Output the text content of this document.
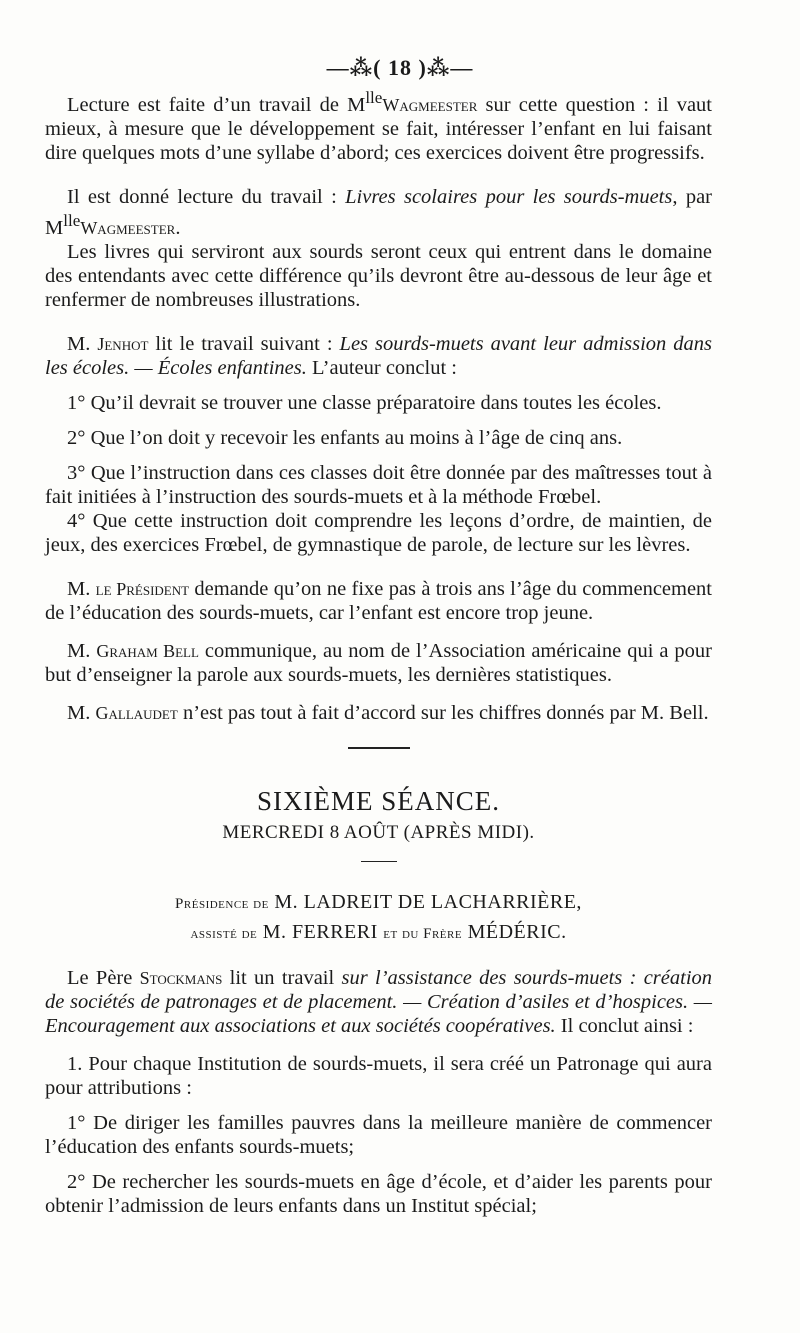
—⁂( 18 )⁂—

Lecture est faite d’un travail de $M^{lle}Wagmeester$ sur cette question : il vaut mieux, à mesure que le développement se fait, intéresser l’enfant en lui faisant dire quelques mots d’une syllabe d’abord; ces exercices doivent être progressifs.

Il est donné lecture du travail : Livres scolaires pour les sourds-muets, par $M^{lle}Wagmeester$.

Les livres qui serviront aux sourds seront ceux qui entrent dans le domaine des entendants avec cette différence qu’ils devront être au-dessous de leur âge et renfermer de nombreuses illustrations.

M. Jenhot lit le travail suivant : Les sourds-muets avant leur admission dans les écoles. — Écoles enfantines. L’auteur conclut :

1° Qu’il devrait se trouver une classe préparatoire dans toutes les écoles.

2° Que l’on doit y recevoir les enfants au moins à l’âge de cinq ans.

3° Que l’instruction dans ces classes doit être donnée par des maîtresses tout à fait initiées à l’instruction des sourds-muets et à la méthode Frœbel.

4° Que cette instruction doit comprendre les leçons d’ordre, de maintien, de jeux, des exercices Frœbel, de gymnastique de parole, de lecture sur les lèvres.

M. le Président demande qu’on ne fixe pas à trois ans l’âge du commencement de l’éducation des sourds-muets, car l’enfant est encore trop jeune.

M. Graham Bell communique, au nom de l’Association américaine qui a pour but d’enseigner la parole aux sourds-muets, les dernières statistiques.

M. Gallaudet n’est pas tout à fait d’accord sur les chiffres donnés par M. Bell.

SIXIÈME SÉANCE.

MERCREDI 8 AOÛT (APRÈS MIDI).

Présidence de M. LADREIT DE LACHARRIÈRE,

assisté de M. FERRERI et du Frère MÉDÉRIC.

Le Père Stockmans lit un travail sur l’assistance des sourds-muets : création de sociétés de patronages et de placement. — Création d’asiles et d’hospices. — Encouragement aux associations et aux sociétés coopératives. Il conclut ainsi :

1. Pour chaque Institution de sourds-muets, il sera créé un Patronage qui aura pour attributions :

1° De diriger les familles pauvres dans la meilleure manière de commencer l’éducation des enfants sourds-muets;

2° De rechercher les sourds-muets en âge d’école, et d’aider les parents pour obtenir l’admission de leurs enfants dans un Institut spécial;
